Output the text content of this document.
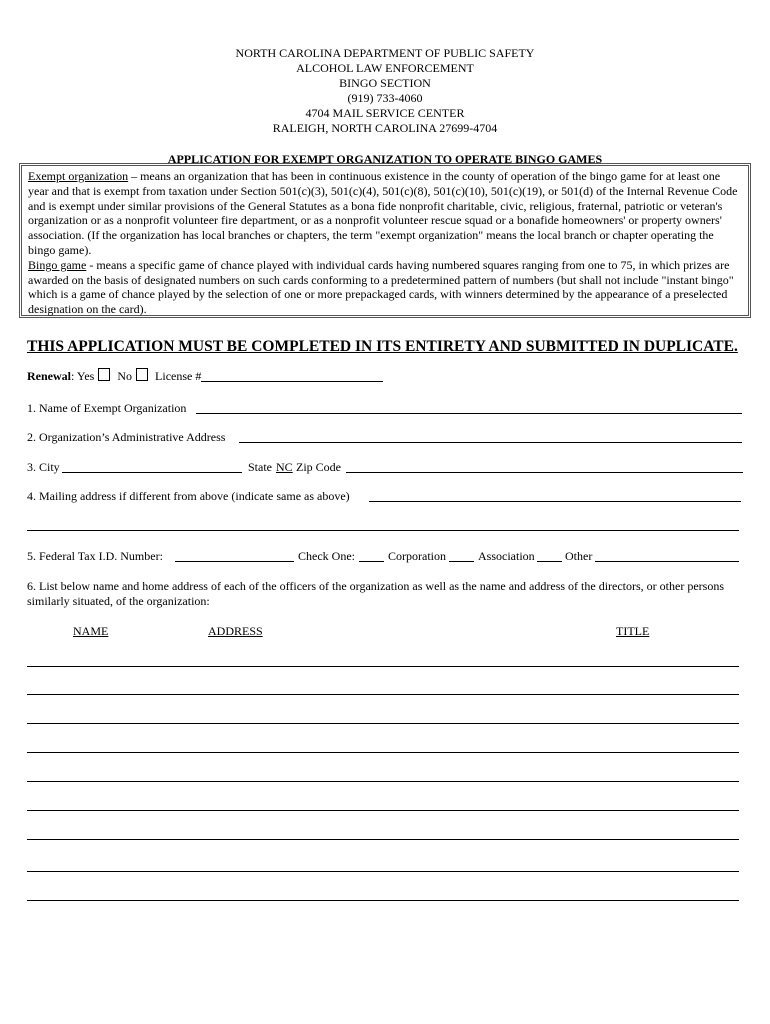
NORTH CAROLINA DEPARTMENT OF PUBLIC SAFETY
ALCOHOL LAW ENFORCEMENT
BINGO SECTION
(919) 733-4060
4704 MAIL SERVICE CENTER
RALEIGH, NORTH CAROLINA 27699-4704
APPLICATION FOR EXEMPT ORGANIZATION TO OPERATE BINGO GAMES

Exempt organization – means an organization that has been in continuous existence in the county of operation of the bingo game for at least one year and that is exempt from taxation under Section 501(c)(3), 501(c)(4), 501(c)(8), 501(c)(10), 501(c)(19), or 501(d) of the Internal Revenue Code and is exempt under similar provisions of the General Statutes as a bona fide nonprofit charitable, civic, religious, fraternal, patriotic or veteran's organization or as a nonprofit volunteer fire department, or as a nonprofit volunteer rescue squad or a bonafide homeowners' or property owners' association. (If the organization has local branches or chapters, the term "exempt organization" means the local branch or chapter operating the bingo game).

Bingo game - means a specific game of chance played with individual cards having numbered squares ranging from one to 75, in which prizes are awarded on the basis of designated numbers on such cards conforming to a predetermined pattern of numbers (but shall not include "instant bingo" which is a game of chance played by the selection of one or more prepackaged cards, with winners determined by the appearance of a preselected designation on the card).

THIS APPLICATION MUST BE COMPLETED IN ITS ENTIRETY AND SUBMITTED IN DUPLICATE.
Renewal: Yes No License #
1. Name of Exempt Organization
2. Organization’s Administrative Address
3. City	State NC Zip Code
4. Mailing address if different from above (indicate same as above)
5. Federal Tax I.D. Number:	Check One:	Corporation	Association	Other
6. List below name and home address of each of the officers of the organization as well as the name and address of the directors, or other persons similarly situated, of the organization:
NAME	ADDRESS	TITLE
